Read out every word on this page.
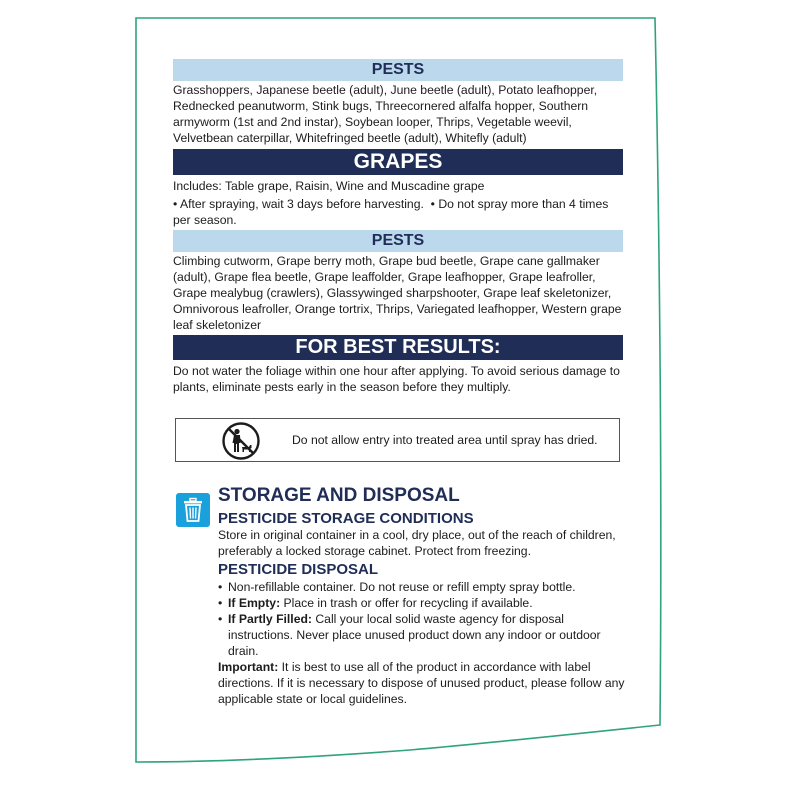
PESTS

Grasshoppers, Japanese beetle (adult), June beetle (adult), Potato leafhopper, Rednecked peanutworm, Stink bugs, Threecornered alfalfa hopper, Southern armyworm (1st and 2nd instar), Soybean looper, Thrips, Vegetable weevil, Velvetbean caterpillar, Whitefringed beetle (adult), Whitefly (adult)

GRAPES

Includes: Table grape, Raisin, Wine and Muscadine grape

• After spraying, wait 3 days before harvesting.  • Do not spray more than 4 times per season.

PESTS

Climbing cutworm, Grape berry moth, Grape bud beetle, Grape cane gallmaker (adult), Grape flea beetle, Grape leaffolder, Grape leafhopper, Grape leafroller, Grape mealybug (crawlers), Glassywinged sharpshooter, Grape leaf skeletonizer, Omnivorous leafroller, Orange tortrix, Thrips, Variegated leafhopper, Western grape leaf skeletonizer

FOR BEST RESULTS:

Do not water the foliage within one hour after applying. To avoid serious damage to plants, eliminate pests early in the season before they multiply.

Do not allow entry into treated area until spray has dried.
STORAGE AND DISPOSAL
PESTICIDE STORAGE CONDITIONS

Store in original container in a cool, dry place, out of the reach of children, preferably a locked storage cabinet. Protect from freezing.

PESTICIDE DISPOSAL
• Non-refillable container. Do not reuse or refill empty spray bottle.
• If Empty: Place in trash or offer for recycling if available.
• If Partly Filled: Call your local solid waste agency for disposal instructions. Never place unused product down any indoor or outdoor drain.

Important: It is best to use all of the product in accordance with label directions. If it is necessary to dispose of unused product, please follow any applicable state or local guidelines.
